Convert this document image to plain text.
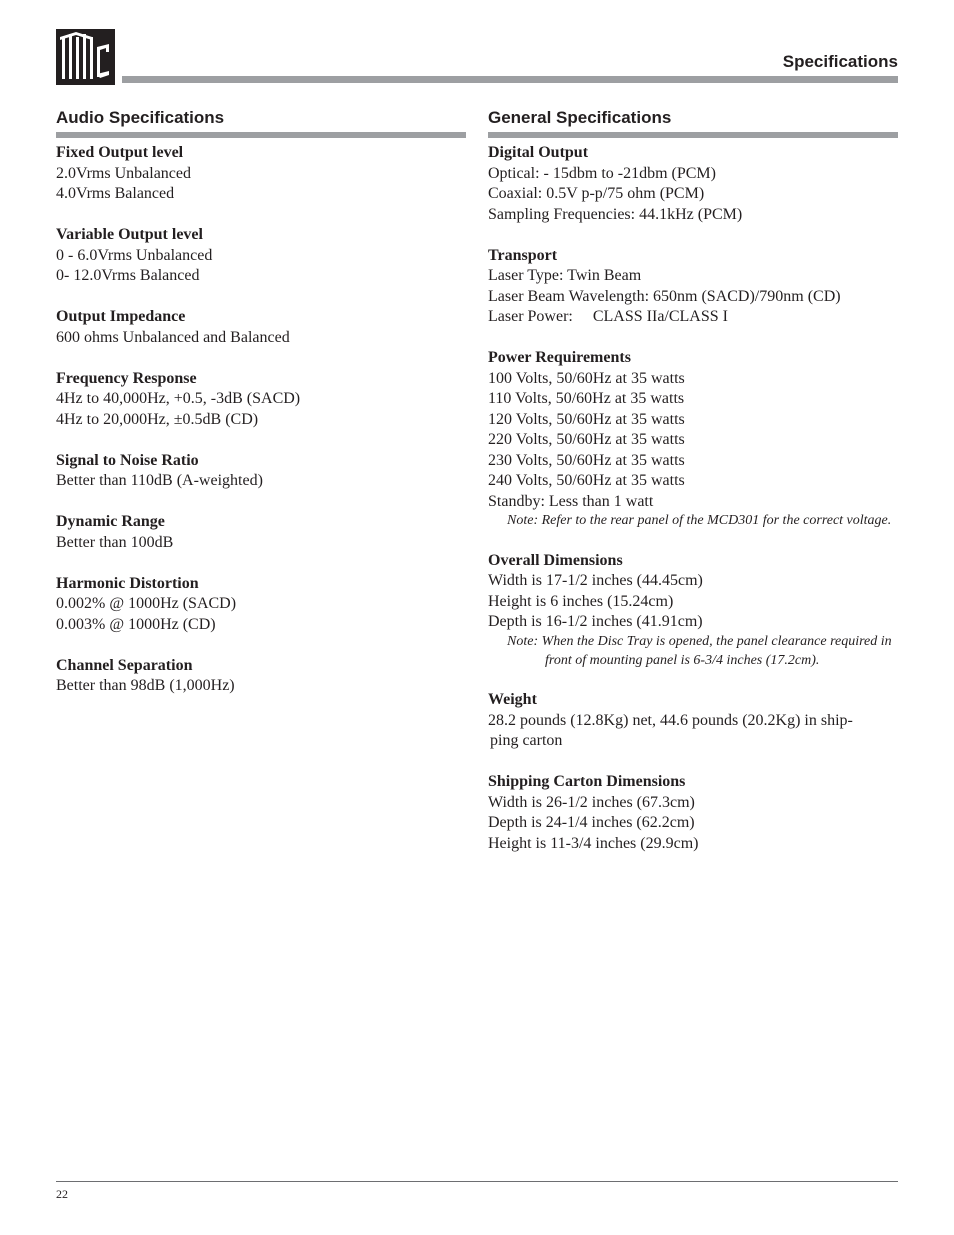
Specifications
Audio Specifications
Fixed Output level
2.0Vrms Unbalanced
4.0Vrms Balanced
Variable Output level
0 - 6.0Vrms Unbalanced
0- 12.0Vrms Balanced
Output Impedance
600 ohms Unbalanced and Balanced
Frequency Response
4Hz to 40,000Hz, +0.5, -3dB (SACD)
4Hz to 20,000Hz, ±0.5dB (CD)
Signal to Noise Ratio
Better than 110dB (A-weighted)
Dynamic Range
Better than 100dB
Harmonic Distortion
0.002% @ 1000Hz (SACD)
0.003% @ 1000Hz (CD)
Channel Separation
Better than 98dB (1,000Hz)
General Specifications
Digital Output
Optical: - 15dbm to -21dbm (PCM)
Coaxial: 0.5V p-p/75 ohm (PCM)
Sampling Frequencies: 44.1kHz (PCM)
Transport
Laser Type: Twin Beam
Laser Beam Wavelength: 650nm (SACD)/790nm (CD)
Laser Power:     CLASS IIa/CLASS I
Power Requirements
100 Volts, 50/60Hz at 35 watts
110 Volts, 50/60Hz at 35 watts
120 Volts, 50/60Hz at 35 watts
220 Volts, 50/60Hz at 35 watts
230 Volts, 50/60Hz at 35 watts
240 Volts, 50/60Hz at 35 watts
Standby: Less than 1 watt
Note: Refer to the rear panel of the MCD301 for the correct voltage.
Overall Dimensions
Width is 17-1/2 inches (44.45cm)
Height is 6 inches (15.24cm)
Depth is 16-1/2 inches (41.91cm)
Note: When the Disc Tray is opened, the panel clearance required in front of mounting panel is 6-3/4 inches (17.2cm).
Weight
28.2 pounds (12.8Kg) net, 44.6 pounds (20.2Kg) in ship-
ping carton
Shipping Carton Dimensions
Width is 26-1/2 inches (67.3cm)
Depth is 24-1/4 inches (62.2cm)
Height is 11-3/4 inches (29.9cm)
22
